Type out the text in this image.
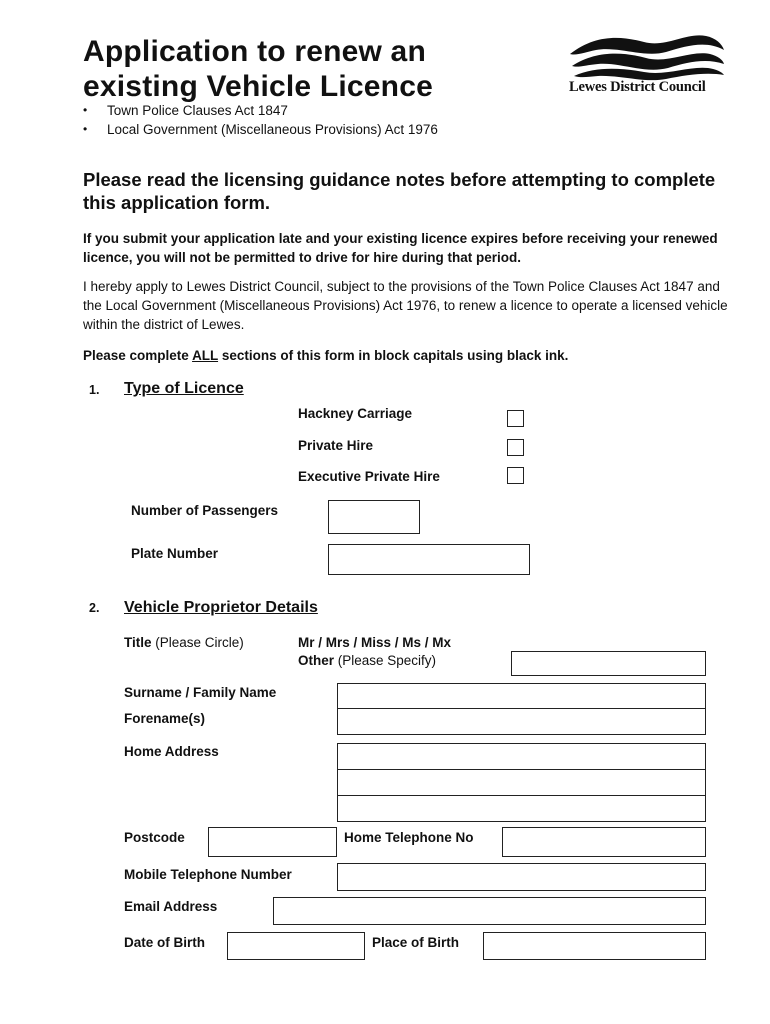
Application to renew an
existing Vehicle Licence
•	Town Police Clauses Act 1847
•	Local Government (Miscellaneous Provisions) Act 1976
Lewes District Council
Please read the licensing guidance notes before attempting to complete this application form.
If you submit your application late and your existing licence expires before receiving your renewed licence, you will not be permitted to drive for hire during that period.
I hereby apply to Lewes District Council, subject to the provisions of the Town Police Clauses Act 1847 and the Local Government (Miscellaneous Provisions) Act 1976, to renew a licence to operate a licensed vehicle within the district of Lewes.
Please complete ALL sections of this form in block capitals using black ink.
1. Type of Licence
Hackney Carriage
Private Hire
Executive Private Hire
Number of Passengers
Plate Number
2. Vehicle Proprietor Details
Title (Please Circle)	Mr / Mrs / Miss / Ms / Mx
Other (Please Specify)
Surname / Family Name
Forename(s)
Home Address
Postcode	Home Telephone No
Mobile Telephone Number
Email Address
Date of Birth	Place of Birth
